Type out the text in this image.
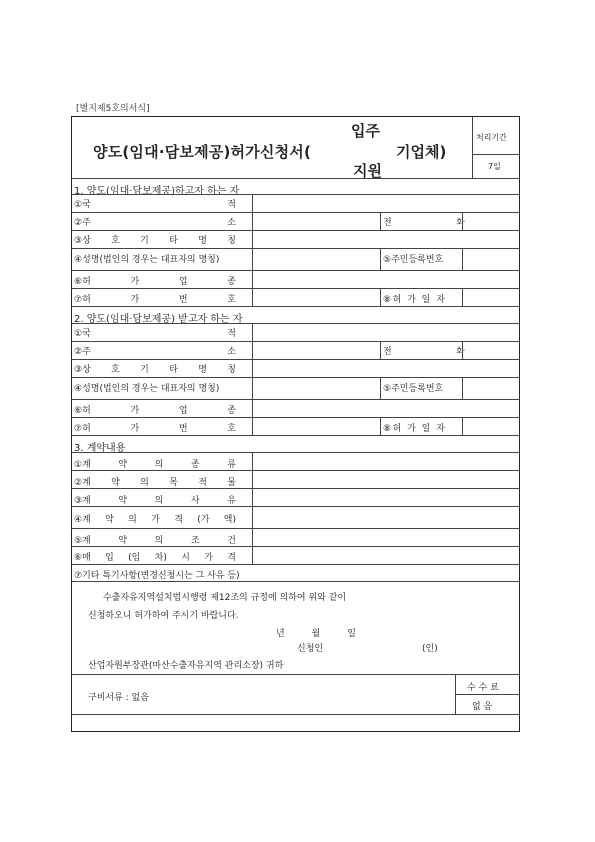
[별지제5호의서식]
양도(임대·담보제공)허가신청서(
입주
지원
기업체)
처리기간
7일
1. 양도(임대·담보제공)하고자 하는 자
①국	적
②주	소	전	화
③상 호 기 타 명 칭
④성명(법인의 경우는 대표자의 명칭)	⑤주민등록번호
⑥허	가	업	종
⑦허	가	번	호	⑧허 가 일 자
2. 양도(임대·담보제공) 받고자 하는 자
①국	적
②주	소	전	화
③상 호 기 타 명 칭
④성명(법인의 경우는 대표자의 명칭)	⑤주민등록번호
⑥허	가	업	종
⑦허	가	번	호	⑧허 가 일 자
3. 계약내용
①계	약	의	종	류
②계 약 의 목 적 물
③계	약	의	사	유
④계 약 의 가 격 (가 액)
⑤계	약	의	조	건
⑥매 입 (임 차) 시 가 격
⑦기타 특기사항(변경신청시는 그 사유 등)
수출자유지역설치법시행령 제12조의 규정에 의하여 위와 같이
신청하오니 허가하여 주시기 바랍니다.
년	월	일
신청인	(인)
산업자원부장관(마산수출자유지역 관리소장) 귀하
구비서류 : 없음
수 수 료
없 음
